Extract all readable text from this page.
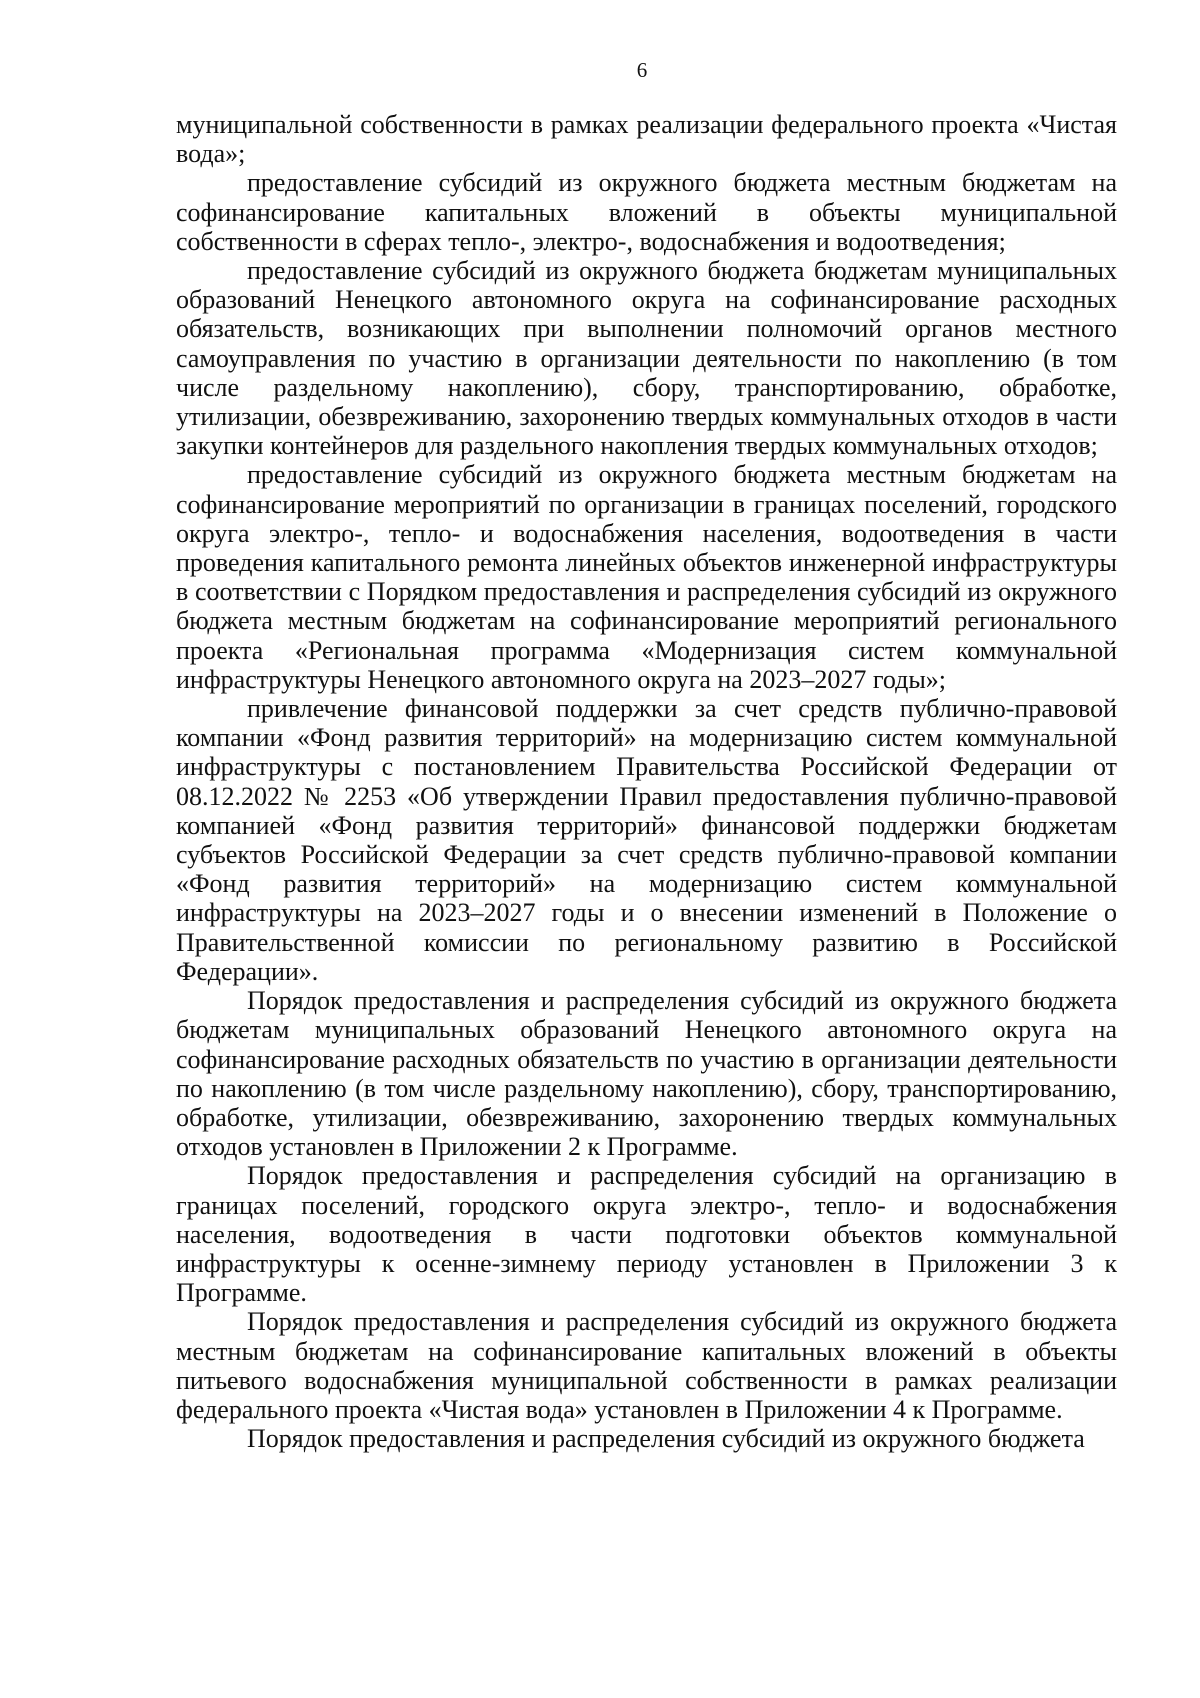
6

муниципальной собственности в рамках реализации федерального проекта «Чистая вода»;

предоставление субсидий из окружного бюджета местным бюджетам на софинансирование капитальных вложений в объекты муниципальной собственности в сферах тепло-, электро-, водоснабжения и водоотведения;

предоставление субсидий из окружного бюджета бюджетам муниципальных образований Ненецкого автономного округа на софинансирование расходных обязательств, возникающих при выполнении полномочий органов местного самоуправления по участию в организации деятельности по накоплению (в том числе раздельному накоплению), сбору, транспортированию, обработке, утилизации, обезвреживанию, захоронению твердых коммунальных отходов в части закупки контейнеров для раздельного накопления твердых коммунальных отходов;

предоставление субсидий из окружного бюджета местным бюджетам на софинансирование мероприятий по организации в границах поселений, городского округа электро-, тепло- и водоснабжения населения, водоотведения в части проведения капитального ремонта линейных объектов инженерной инфраструктуры в соответствии с Порядком предоставления и распределения субсидий из окружного бюджета местным бюджетам на софинансирование мероприятий регионального проекта «Региональная программа «Модернизация систем коммунальной инфраструктуры Ненецкого автономного округа на 2023–2027 годы»;

привлечение финансовой поддержки за счет средств публично-правовой компании «Фонд развития территорий» на модернизацию систем коммунальной инфраструктуры с постановлением Правительства Российской Федерации от 08.12.2022 № 2253 «Об утверждении Правил предоставления публично-правовой компанией «Фонд развития территорий» финансовой поддержки бюджетам субъектов Российской Федерации за счет средств публично-правовой компании «Фонд развития территорий» на модернизацию систем коммунальной инфраструктуры на 2023–2027 годы и о внесении изменений в Положение о Правительственной комиссии по региональному развитию в Российской Федерации».

Порядок предоставления и распределения субсидий из окружного бюджета бюджетам муниципальных образований Ненецкого автономного округа на софинансирование расходных обязательств по участию в организации деятельности по накоплению (в том числе раздельному накоплению), сбору, транспортированию, обработке, утилизации, обезвреживанию, захоронению твердых коммунальных отходов установлен в Приложении 2 к Программе.

Порядок предоставления и распределения субсидий на организацию в границах поселений, городского округа электро-, тепло- и водоснабжения населения, водоотведения в части подготовки объектов коммунальной инфраструктуры к осенне-зимнему периоду установлен в Приложении 3 к Программе.

Порядок предоставления и распределения субсидий из окружного бюджета местным бюджетам на софинансирование капитальных вложений в объекты питьевого водоснабжения муниципальной собственности в рамках реализации федерального проекта «Чистая вода» установлен в Приложении 4 к Программе.

Порядок предоставления и распределения субсидий из окружного бюджета
